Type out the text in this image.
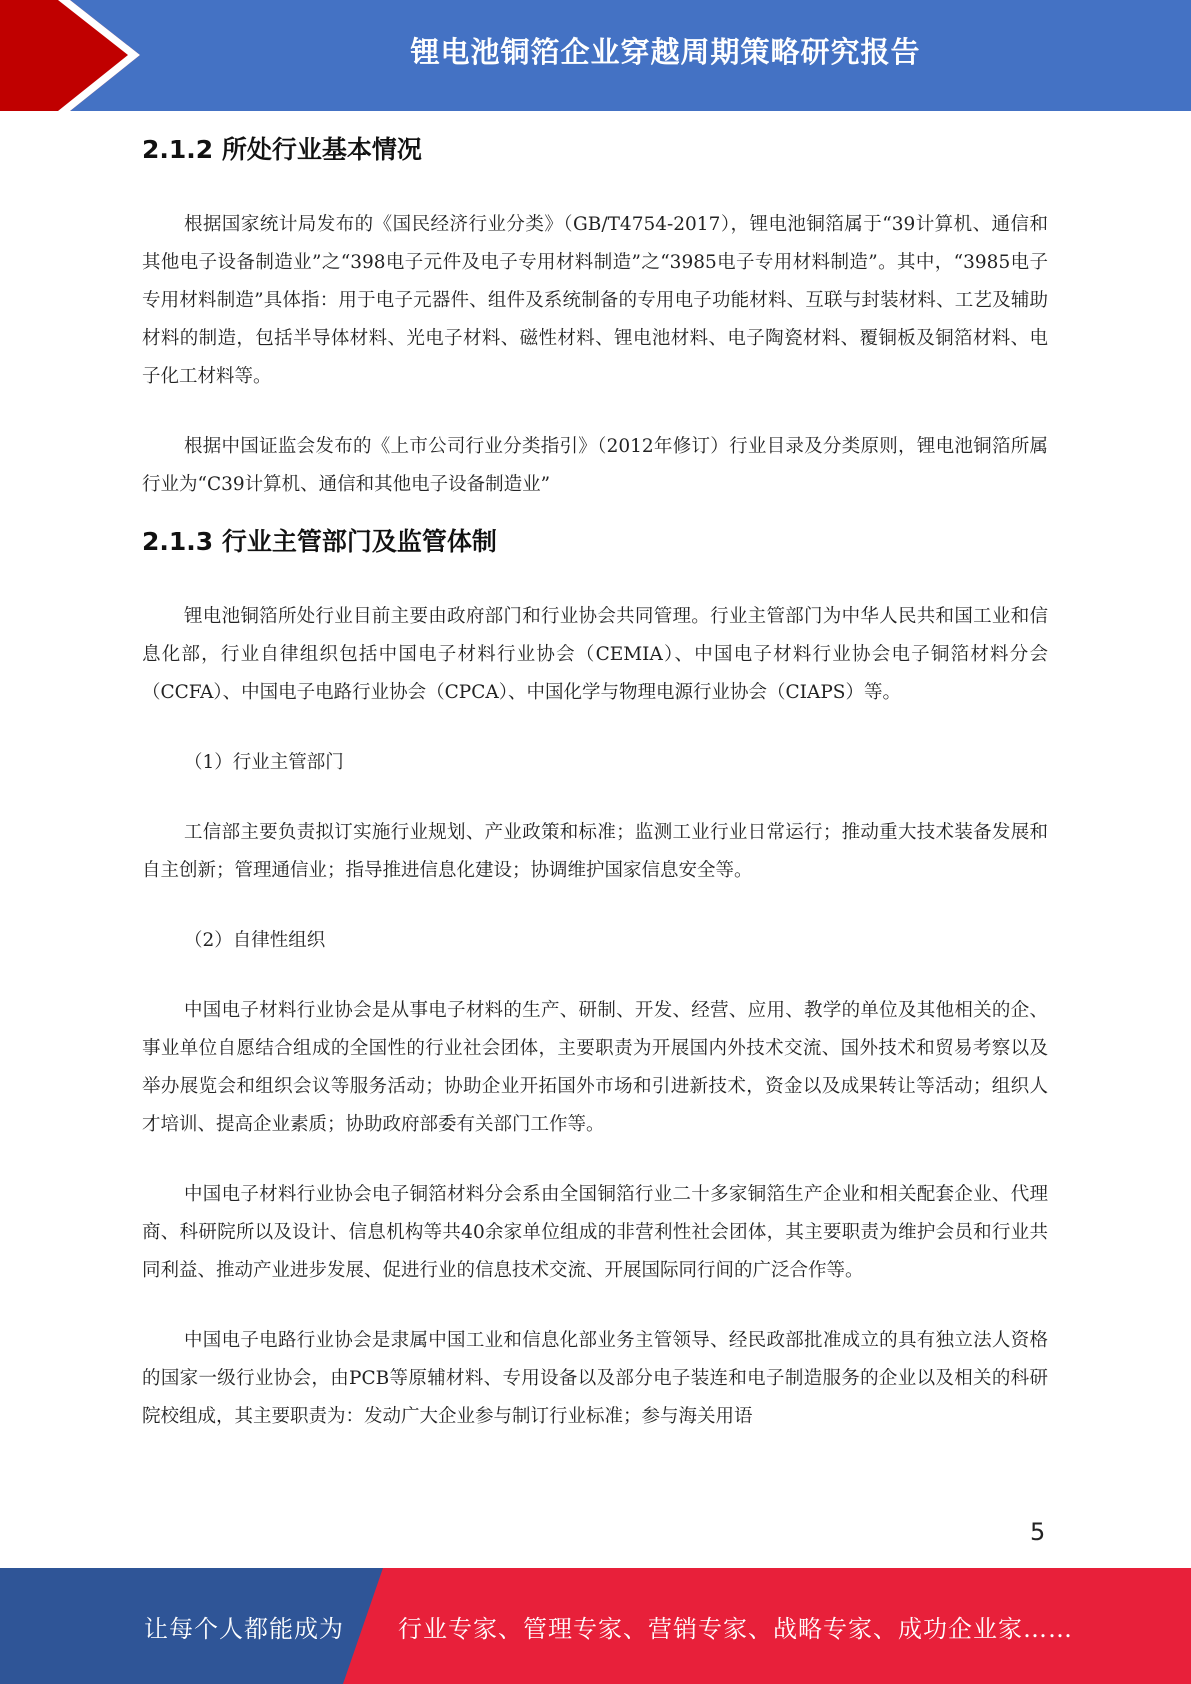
锂电池铜箔企业穿越周期策略研究报告
2.1.2 所处行业基本情况

根据国家统计局发布的《国民经济行业分类》（GB/T4754-2017），锂电池铜箔属于“39计算机、通信和其他电子设备制造业”之“398电子元件及电子专用材料制造”之“3985电子专用材料制造”。其中，“3985电子专用材料制造”具体指：用于电子元器件、组件及系统制备的专用电子功能材料、互联与封装材料、工艺及辅助材料的制造，包括半导体材料、光电子材料、磁性材料、锂电池材料、电子陶瓷材料、覆铜板及铜箔材料、电子化工材料等。

根据中国证监会发布的《上市公司行业分类指引》（2012年修订）行业目录及分类原则，锂电池铜箔所属行业为“C39计算机、通信和其他电子设备制造业”

2.1.3 行业主管部门及监管体制

锂电池铜箔所处行业目前主要由政府部门和行业协会共同管理。行业主管部门为中华人民共和国工业和信息化部，行业自律组织包括中国电子材料行业协会（CEMIA）、中国电子材料行业协会电子铜箔材料分会（CCFA）、中国电子电路行业协会（CPCA）、中国化学与物理电源行业协会（CIAPS）等。

（1）行业主管部门

工信部主要负责拟订实施行业规划、产业政策和标准；监测工业行业日常运行；推动重大技术装备发展和自主创新；管理通信业；指导推进信息化建设；协调维护国家信息安全等。

（2）自律性组织

中国电子材料行业协会是从事电子材料的生产、研制、开发、经营、应用、教学的单位及其他相关的企、事业单位自愿结合组成的全国性的行业社会团体，主要职责为开展国内外技术交流、国外技术和贸易考察以及举办展览会和组织会议等服务活动；协助企业开拓国外市场和引进新技术，资金以及成果转让等活动；组织人才培训、提高企业素质；协助政府部委有关部门工作等。

中国电子材料行业协会电子铜箔材料分会系由全国铜箔行业二十多家铜箔生产企业和相关配套企业、代理商、科研院所以及设计、信息机构等共40余家单位组成的非营利性社会团体，其主要职责为维护会员和行业共同利益、推动产业进步发展、促进行业的信息技术交流、开展国际同行间的广泛合作等。

中国电子电路行业协会是隶属中国工业和信息化部业务主管领导、经民政部批准成立的具有独立法人资格的国家一级行业协会，由PCB等原辅材料、专用设备以及部分电子装连和电子制造服务的企业以及相关的科研院校组成，其主要职责为：发动广大企业参与制订行业标准；参与海关用语

5
让每个人都能成为 行业专家、管理专家、营销专家、战略专家、成功企业家……
